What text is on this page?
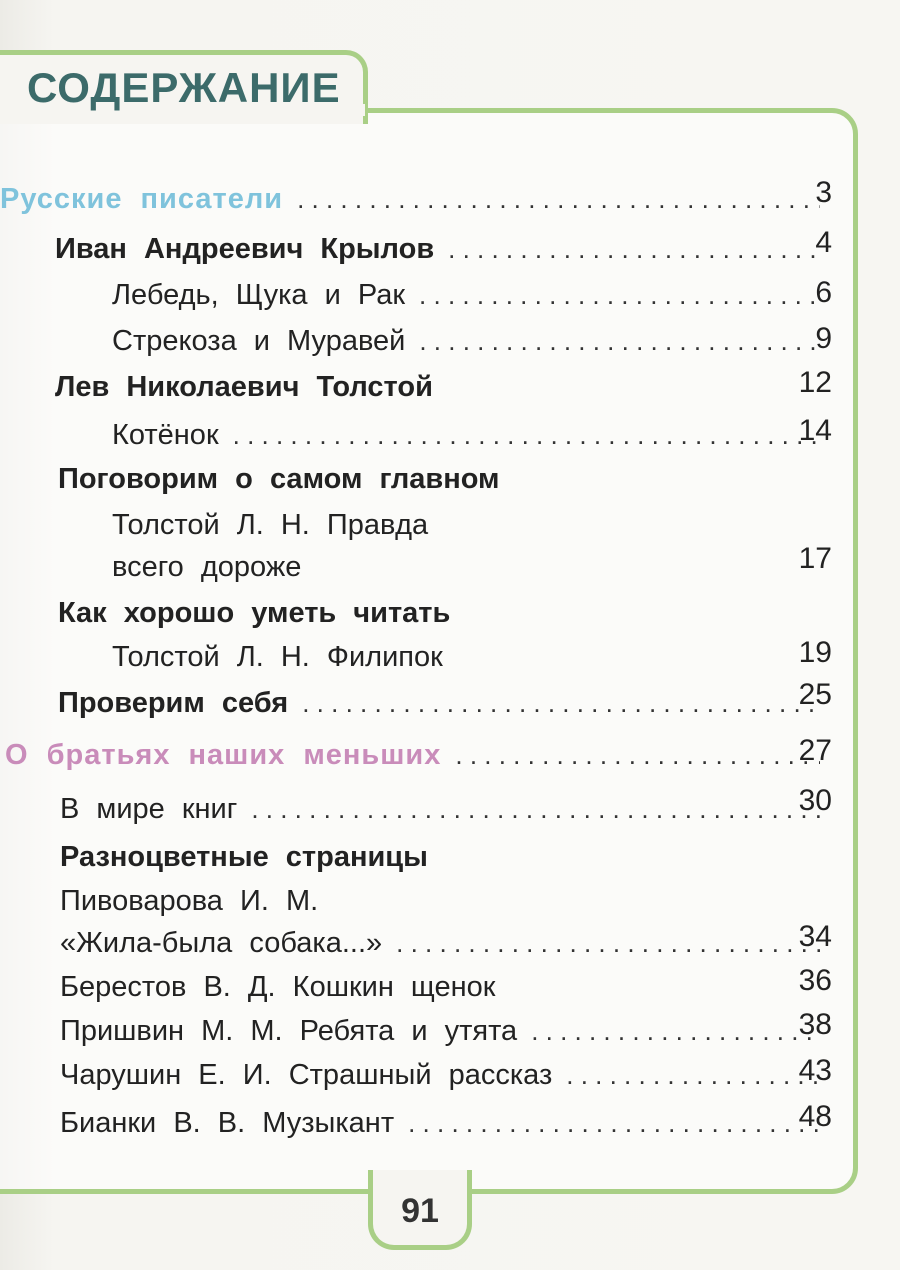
СОДЕРЖАНИЕ
Русские писатели . . .	3
Иван Андреевич Крылов . . .	4
Лебедь, Щука и Рак . . .	6
Стрекоза и Муравей . . .	9
Лев Николаевич Толстой	12
Котёнок . . .	14
Поговорим о самом главном
Толстой Л. Н. Правда
всего дороже	17
Как хорошо уметь читать
Толстой Л. Н. Филипок	19
Проверим себя . . .	25
О братьях наших меньших . . .	27
В мире книг . . .	30
Разноцветные страницы
Пивоварова И. М.
«Жила-была собака...» . . .	34
Берестов В. Д. Кошкин щенок	36
Пришвин М. М. Ребята и утята . . .	38
Чарушин Е. И. Страшный рассказ . . .	43
Бианки В. В. Музыкант . . .	48
91
